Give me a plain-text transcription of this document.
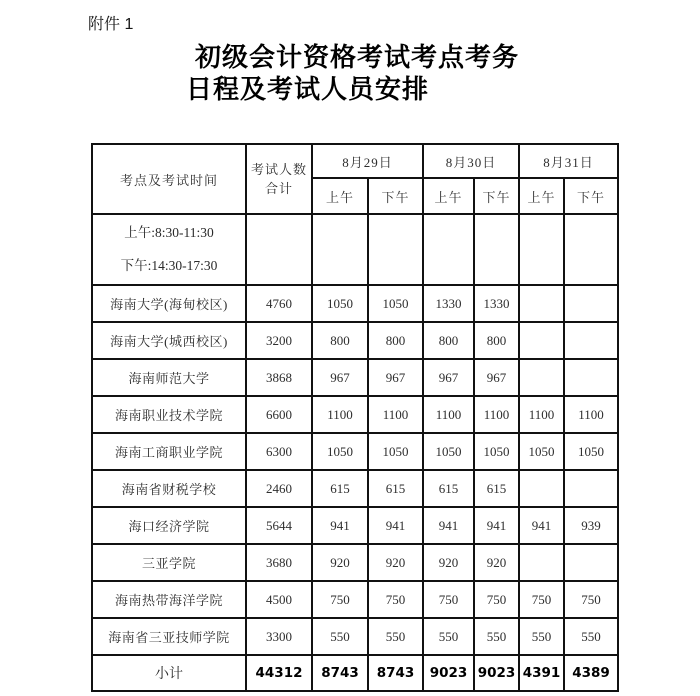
附件 1
初级会计资格考试考点考务
日程及考试人员安排
考点及考试时间	考试人数
合计	8月29日		8月30日		8月31日	
		上午	下午	上午	下午	上午	下午

上午:8:30-11:30
下午:14:30-17:30							

海南大学(海甸校区)	4760	1050	1050	1330	1330		
海南大学(城西校区)	3200	800	800	800	800		
海南师范大学	3868	967	967	967	967		
海南职业技术学院	6600	1100	1100	1100	1100	1100	1100
海南工商职业学院	6300	1050	1050	1050	1050	1050	1050
海南省财税学校	2460	615	615	615	615		
海口经济学院	5644	941	941	941	941	941	939
三亚学院	3680	920	920	920	920		
海南热带海洋学院	4500	750	750	750	750	750	750
海南省三亚技师学院	3300	550	550	550	550	550	550
小计	44312	8743	8743	9023	9023	4391	4389
